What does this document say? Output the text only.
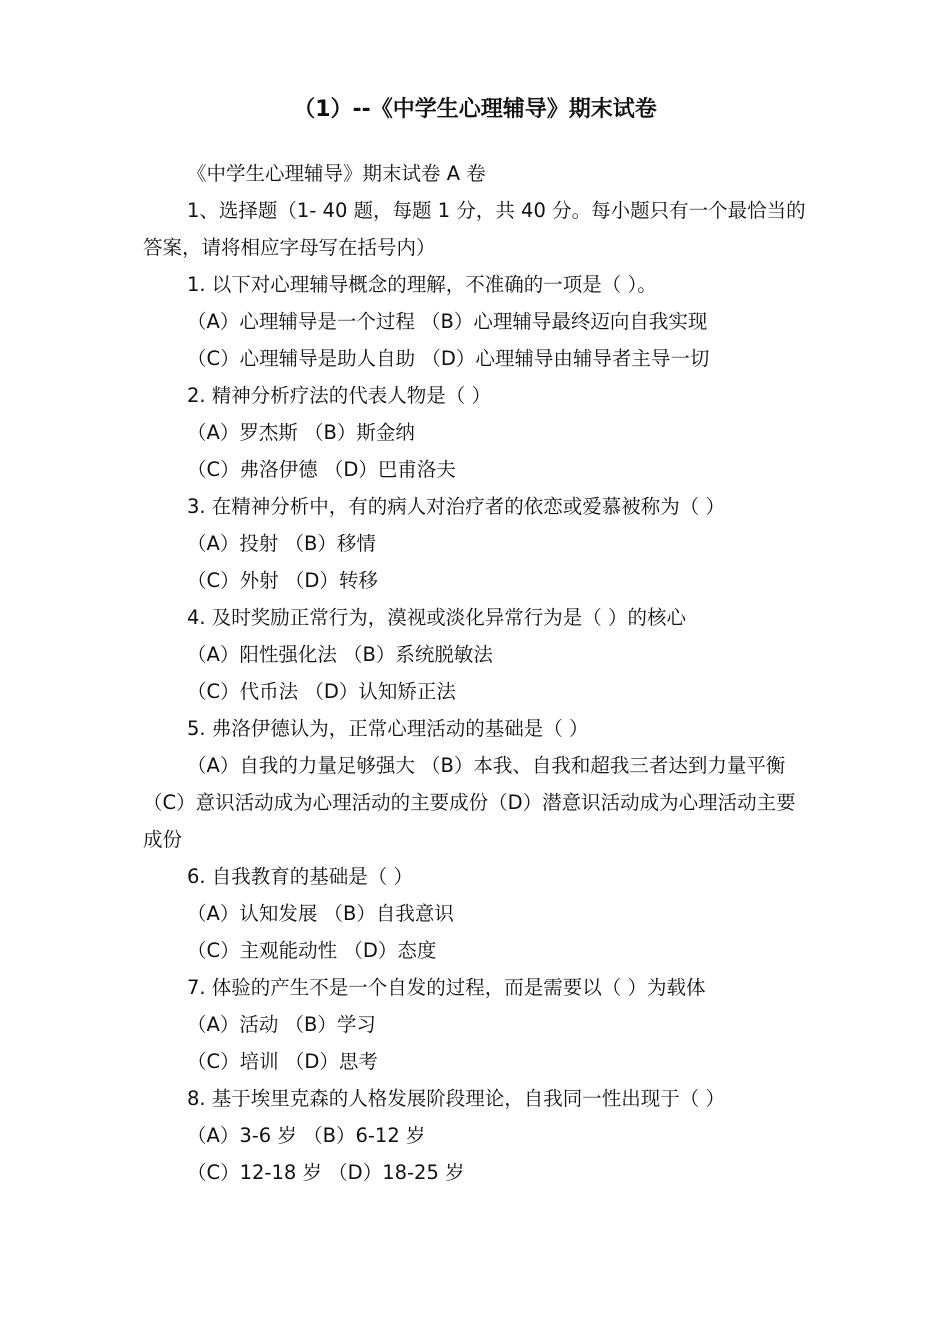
（1）--《中学生心理辅导》期末试卷

《中学生心理辅导》期末试卷 A 卷

1、选择题（1- 40 题，每题 1 分，共 40 分。每小题只有一个最恰当的答案，请将相应字母写在括号内）

1. 以下对心理辅导概念的理解，不准确的一项是（ ）。

（A）心理辅导是一个过程 （B）心理辅导最终迈向自我实现

（C）心理辅导是助人自助 （D）心理辅导由辅导者主导一切

2. 精神分析疗法的代表人物是（ ）

（A）罗杰斯 （B）斯金纳

（C）弗洛伊德 （D）巴甫洛夫

3. 在精神分析中，有的病人对治疗者的依恋或爱慕被称为（ ）

（A）投射 （B）移情

（C）外射 （D）转移

4. 及时奖励正常行为，漠视或淡化异常行为是（ ）的核心

（A）阳性强化法 （B）系统脱敏法

（C）代币法 （D）认知矫正法

5. 弗洛伊德认为，正常心理活动的基础是（ ）

（A）自我的力量足够强大 （B）本我、自我和超我三者达到力量平衡（C）意识活动成为心理活动的主要成份（D）潜意识活动成为心理活动主要成份

6. 自我教育的基础是（ ）

（A）认知发展 （B）自我意识

（C）主观能动性 （D）态度

7. 体验的产生不是一个自发的过程，而是需要以（ ）为载体

（A）活动 （B）学习

（C）培训 （D）思考

8. 基于埃里克森的人格发展阶段理论，自我同一性出现于（ ）

（A）3-6 岁 （B）6-12 岁

（C）12-18 岁 （D）18-25 岁
